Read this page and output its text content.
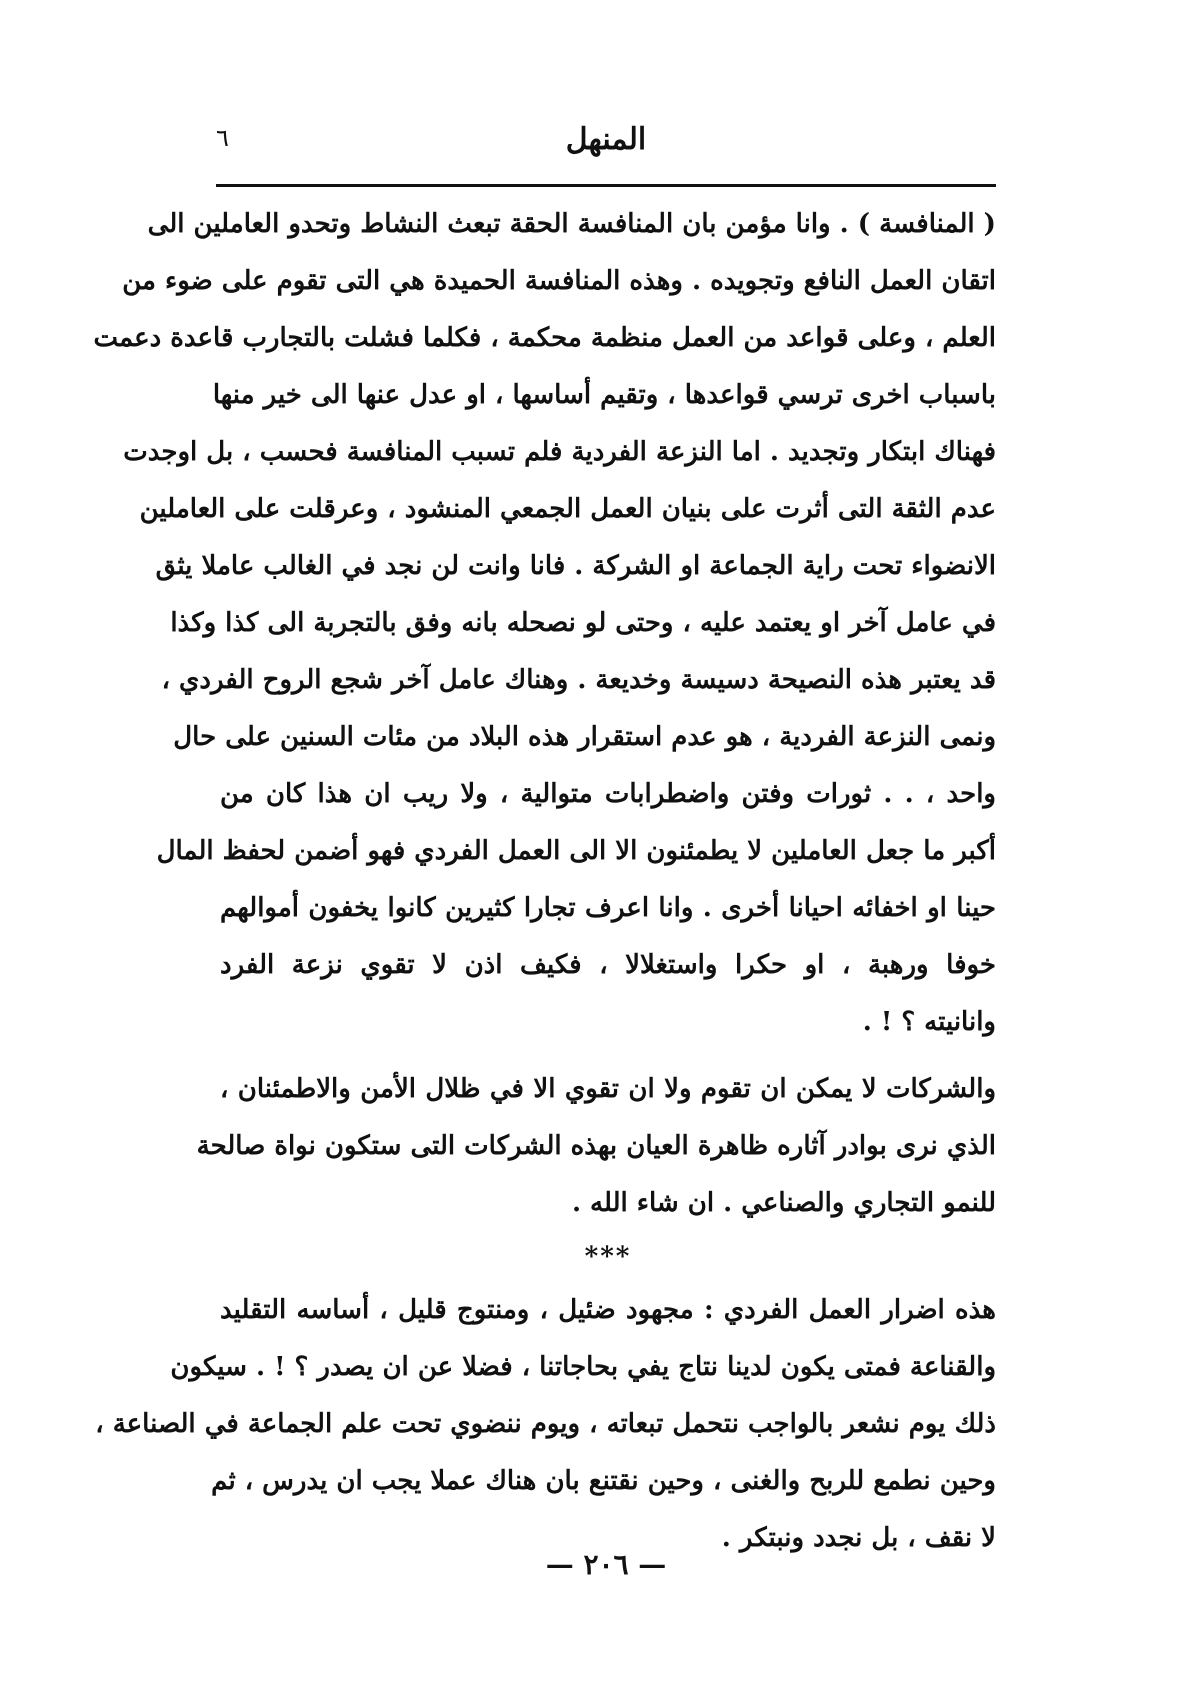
المنهل
٦
( المنافسة ) . وانا مؤمن بان المنافسة الحقة تبعث النشاط وتحدو العاملين الى
اتقان العمل النافع وتجويده . وهذه المنافسة الحميدة هي التى تقوم على ضوء من
العلم ، وعلى قواعد من العمل منظمة محكمة ، فكلما فشلت بالتجارب قاعدة دعمت
باسباب اخرى ترسي قواعدها ، وتقيم أساسها ، او عدل عنها الى خير منها
فهناك ابتكار وتجديد . اما النزعة الفردية فلم تسبب المنافسة فحسب ، بل اوجدت
عدم الثقة التى أثرت على بنيان العمل الجمعي المنشود ، وعرقلت على العاملين
الانضواء تحت راية الجماعة او الشركة . فانا وانت لن نجد في الغالب عاملا يثق
في عامل آخر او يعتمد عليه ، وحتى لو نصحله بانه وفق بالتجربة الى كذا وكذا
قد يعتبر هذه النصيحة دسيسة وخديعة . وهناك عامل آخر شجع الروح الفردي ،
ونمى النزعة الفردية ، هو عدم استقرار هذه البلاد من مئات السنين على حال
واحد ، . . ثورات وفتن واضطرابات متوالية ، ولا ريب ان هذا كان من
أكبر ما جعل العاملين لا يطمئنون الا الى العمل الفردي فهو أضمن لحفظ المال
حينا او اخفائه احيانا أخرى . وانا اعرف تجارا كثيرين كانوا يخفون أموالهم
خوفا ورهبة ، او حكرا واستغلالا ، فكيف اذن لا تقوي نزعة الفرد
وانانيته ؟ ! .
والشركات لا يمكن ان تقوم ولا ان تقوي الا في ظلال الأمن والاطمئنان ،
الذي نرى بوادر آثاره ظاهرة العيان بهذه الشركات التى ستكون نواة صالحة
للنمو التجاري والصناعي . ان شاء الله .
***
هذه اضرار العمل الفردي : مجهود ضئيل ، ومنتوج قليل ، أساسه التقليد
والقناعة فمتى يكون لدينا نتاج يفي بحاجاتنا ، فضلا عن ان يصدر ؟ ! . سيكون
ذلك يوم نشعر بالواجب نتحمل تبعاته ، ويوم ننضوي تحت علم الجماعة في الصناعة ،
وحين نطمع للربح والغنى ، وحين نقتنع بان هناك عملا يجب ان يدرس ، ثم
لا نقف ، بل نجدد ونبتكر .
— ٢٠٦ —
